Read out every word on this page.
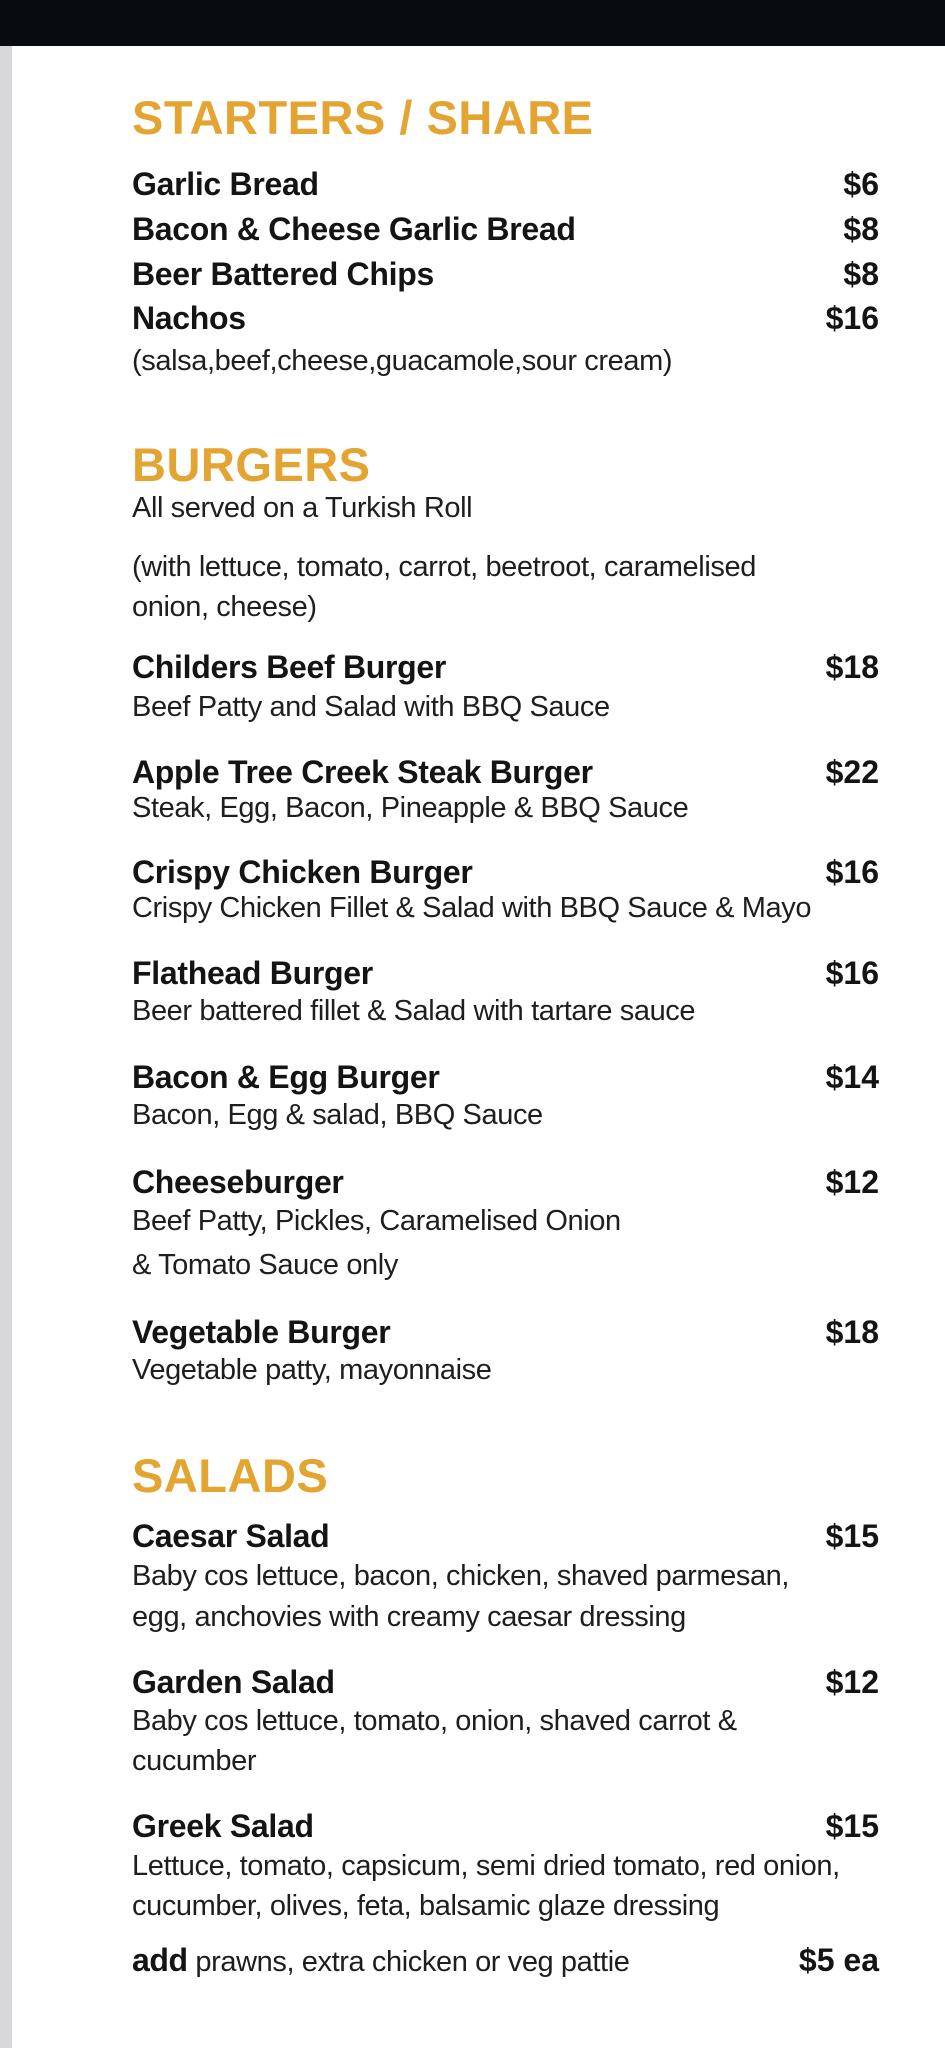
STARTERS / SHARE
Garlic Bread	$6
Bacon & Cheese Garlic Bread	$8
Beer Battered Chips	$8
Nachos	$16
(salsa,beef,cheese,guacamole,sour cream)
BURGERS
All served on a Turkish Roll
(with lettuce, tomato, carrot, beetroot, caramelised
onion, cheese)
Childers Beef Burger	$18
Beef Patty and Salad with BBQ Sauce
Apple Tree Creek Steak Burger	$22
Steak, Egg, Bacon, Pineapple & BBQ Sauce
Crispy Chicken Burger	$16
Crispy Chicken Fillet & Salad with BBQ Sauce & Mayo
Flathead Burger	$16
Beer battered fillet & Salad with tartare sauce
Bacon & Egg Burger	$14
Bacon, Egg & salad, BBQ Sauce
Cheeseburger	$12
Beef Patty, Pickles, Caramelised Onion
& Tomato Sauce only
Vegetable Burger	$18
Vegetable patty, mayonnaise
SALADS
Caesar Salad	$15
Baby cos lettuce, bacon, chicken, shaved parmesan,
egg, anchovies with creamy caesar dressing
Garden Salad	$12
Baby cos lettuce, tomato, onion, shaved carrot &
cucumber
Greek Salad	$15
Lettuce, tomato, capsicum, semi dried tomato, red onion,
cucumber, olives, feta, balsamic glaze dressing
add prawns, extra chicken or veg pattie	$5 ea
